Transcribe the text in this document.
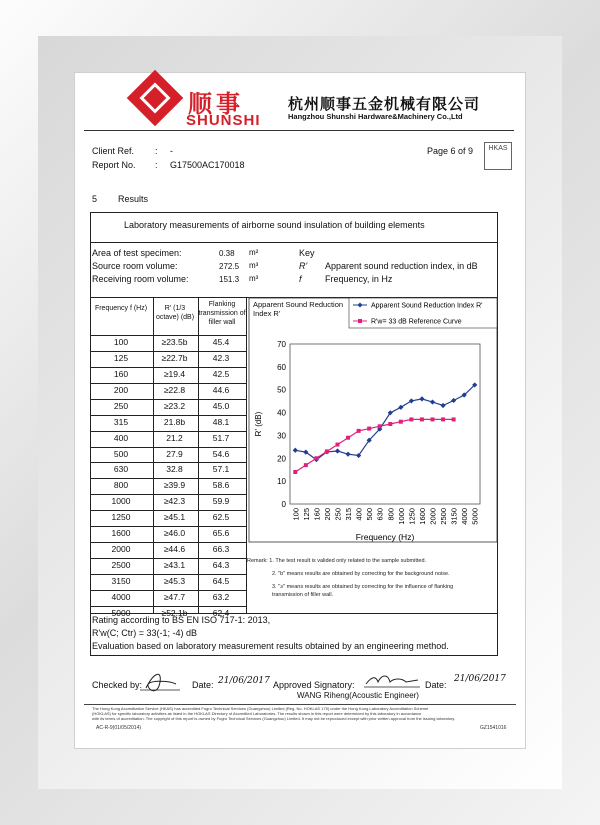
顺事
SHUNSHI
杭州顺事五金机械有限公司
Hangzhou Shunshi Hardware&Machinery Co.,Ltd
Client Ref. : -
Report No. : G17500AC170018
Page 6 of 9	HKAS
5 Results
Laboratory measurements of airborne sound insulation of building elements
Area of test specimen:	0.38 m²
Source room volume:	272.5 m³
Receiving room volume:	151.3 m³
Key
R' Apparent sound reduction index, in dB
f	Frequency, in Hz
Frequency f (Hz)	R' (1/3 octave) (dB)
Flanking transmission of filler wall
100	≥23.5b	45.4
125	≥22.7b	42.3
160	≥19.4	42.5
200	≥22.8	44.6
250	≥23.2	45.0
315	21.8b	48.1
400	21.2	51.7
500	27.9	54.6
630	32.8	57.1
800	≥39.9	58.6
1000	≥42.3	59.9
1250	≥45.1	62.5
1600	≥46.0	65.6
2000	≥44.6	66.3
2500	≥43.1	64.3
3150	≥45.3	64.5
4000	≥47.7	63.2
5000	≥52.1b	62.4
0
10
20
30
40
50
60
70
100 125 160 200 250 315 400 500 630 800 1000 1250 1600 2000 2500 3150 4000 5000
R' (dB)
Frequency (Hz)
Apparent Sound Reduction Index R'
R'w= 33 dB Reference Curve
Apparent Sound Reduction Index R'
Remark: 1. The test result is valided only related to the sample submitted.
2. "b" means results are obtained by correcting for the background noise.
3. "≥" means results are obtained by correcting for the influence of flanking
transmission of filler wall.
Rating according to BS EN ISO 717-1: 2013,
R'w(C; Ctr) = 33(-1; -4) dB
Evaluation based on laboratory measurement results obtained by an engineering method.
Checked by:	Date: 21/06/2017 Approved Signatory:	Date:
21/06/2017
WANG Riheng(Acoustic Engineer)
The Hong Kong Accreditation Service (HKAS) has accredited Fugro Technical Services (Guangzhou) Limited (Reg. No. HOKLAS 175) under the Hong Kong Laboratory Accreditation Scheme
(HOKLAS) for specific laboratory activities as listed in the HOKLAS Directory of Accredited Laboratories. The results shown in this report were determined by this laboratory in accordance
with its terms of accreditation. The copyright of this report is owned by Fugro Technical Services (Guangzhou) Limited. It may not be reproduced except with prior written approval from the issuing laboratory.
AC-R-9(01/05/2014)	GZ1541016
